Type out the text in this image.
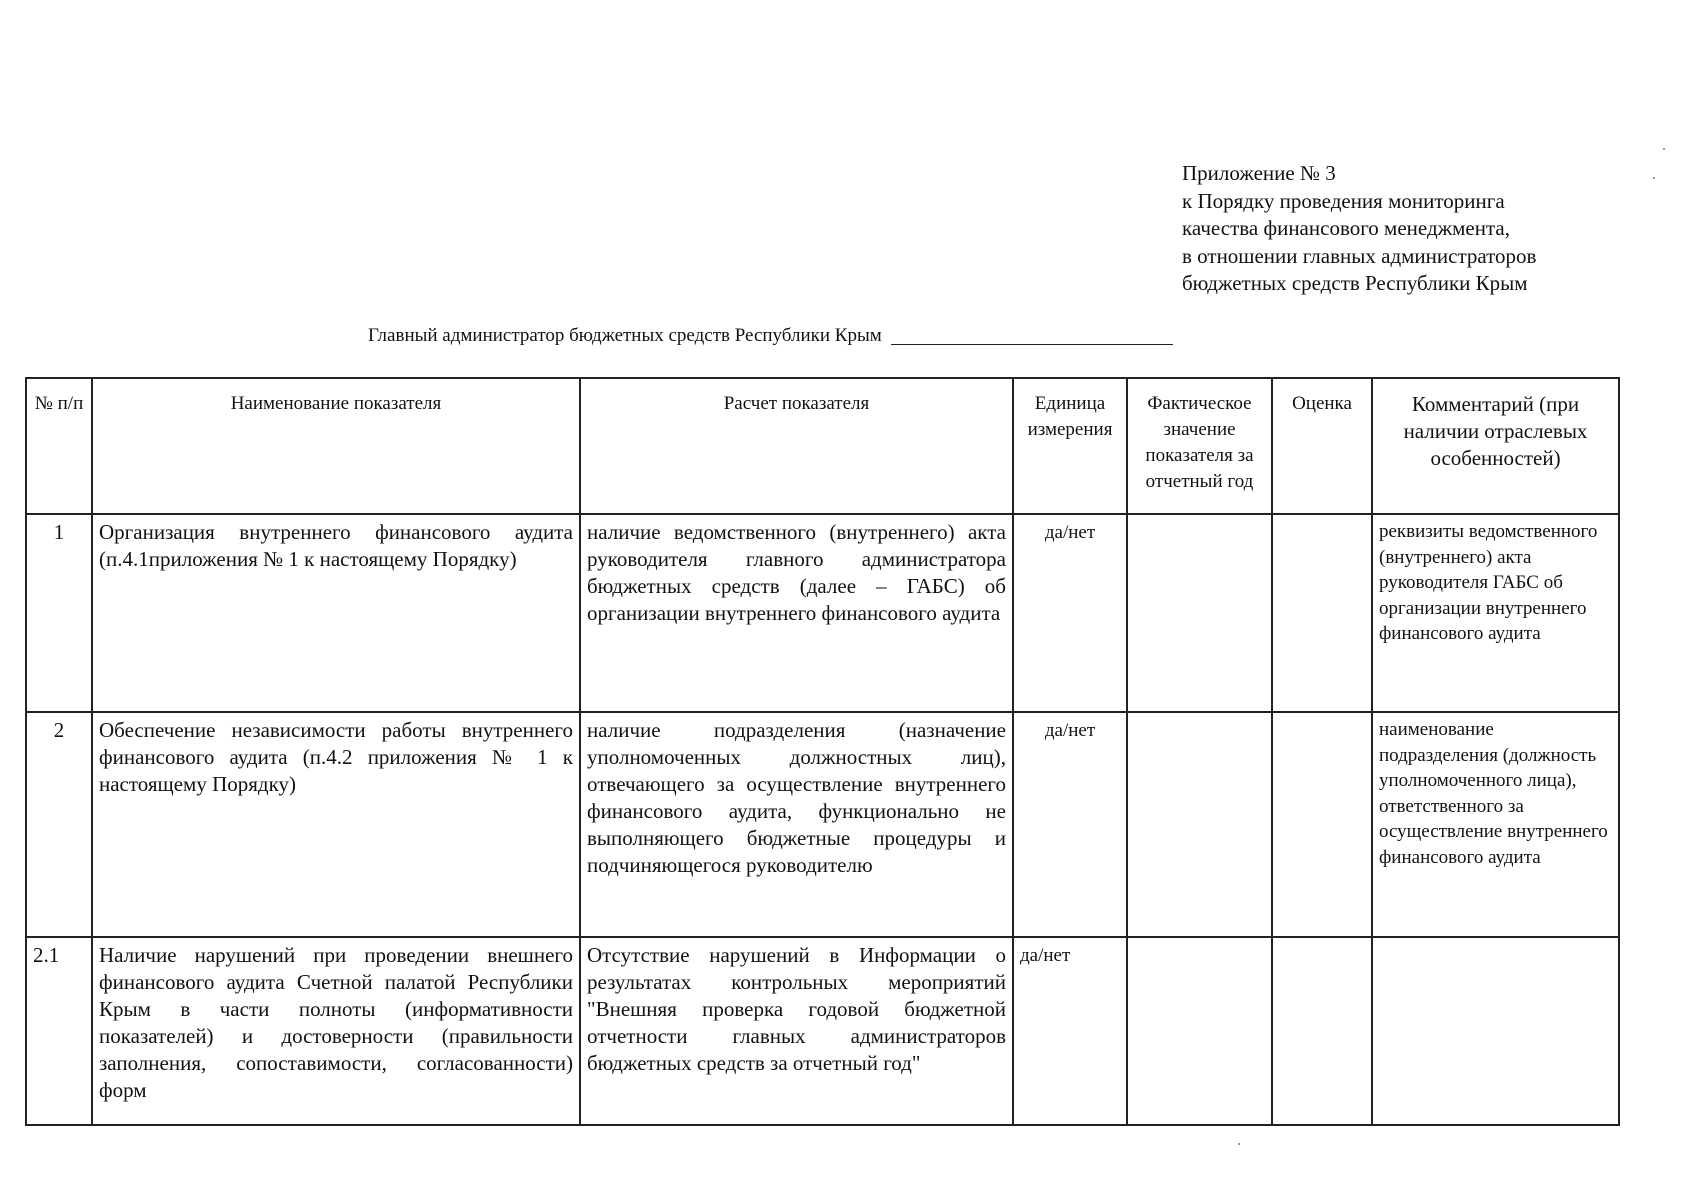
Приложение № 3
к Порядку проведения мониторинга
качества финансового менеджмента,
в отношении главных администраторов
бюджетных средств Республики Крым
Главный администратор бюджетных средств Республики Крым
№ п/п	Наименование показателя	Расчет показателя	Единица измерения	Фактическое значение показателя за отчетный год	Оценка	Комментарий (при наличии отраслевых особенностей)
1	Организация внутреннего финансового аудита (п.4.1приложения № 1 к настоящему Порядку)	наличие ведомственного (внутреннего) акта руководителя главного администратора бюджетных средств (далее – ГАБС) об организации внутреннего финансового аудита	да/нет			реквизиты ведомственного (внутреннего) акта руководителя ГАБС об организации внутреннего финансового аудита
2	Обеспечение независимости работы внутреннего финансового аудита (п.4.2 приложения № 1 к настоящему Порядку)	наличие подразделения (назначение уполномоченных должностных лиц), отвечающего за осуществление внутреннего финансового аудита, функционально не выполняющего бюджетные процедуры и подчиняющегося руководителю	да/нет			наименование подразделения (должность уполномоченного лица), ответственного за осуществление внутреннего финансового аудита
2.1	Наличие нарушений при проведении внешнего финансового аудита Счетной палатой Республики Крым в части полноты (информативности показателей) и достоверности (правильности заполнения, сопоставимости, согласованности) форм	Отсутствие нарушений в Информации о результатах контрольных мероприятий "Внешняя проверка годовой бюджетной отчетности главных администраторов бюджетных средств за отчетный год"	да/нет			
